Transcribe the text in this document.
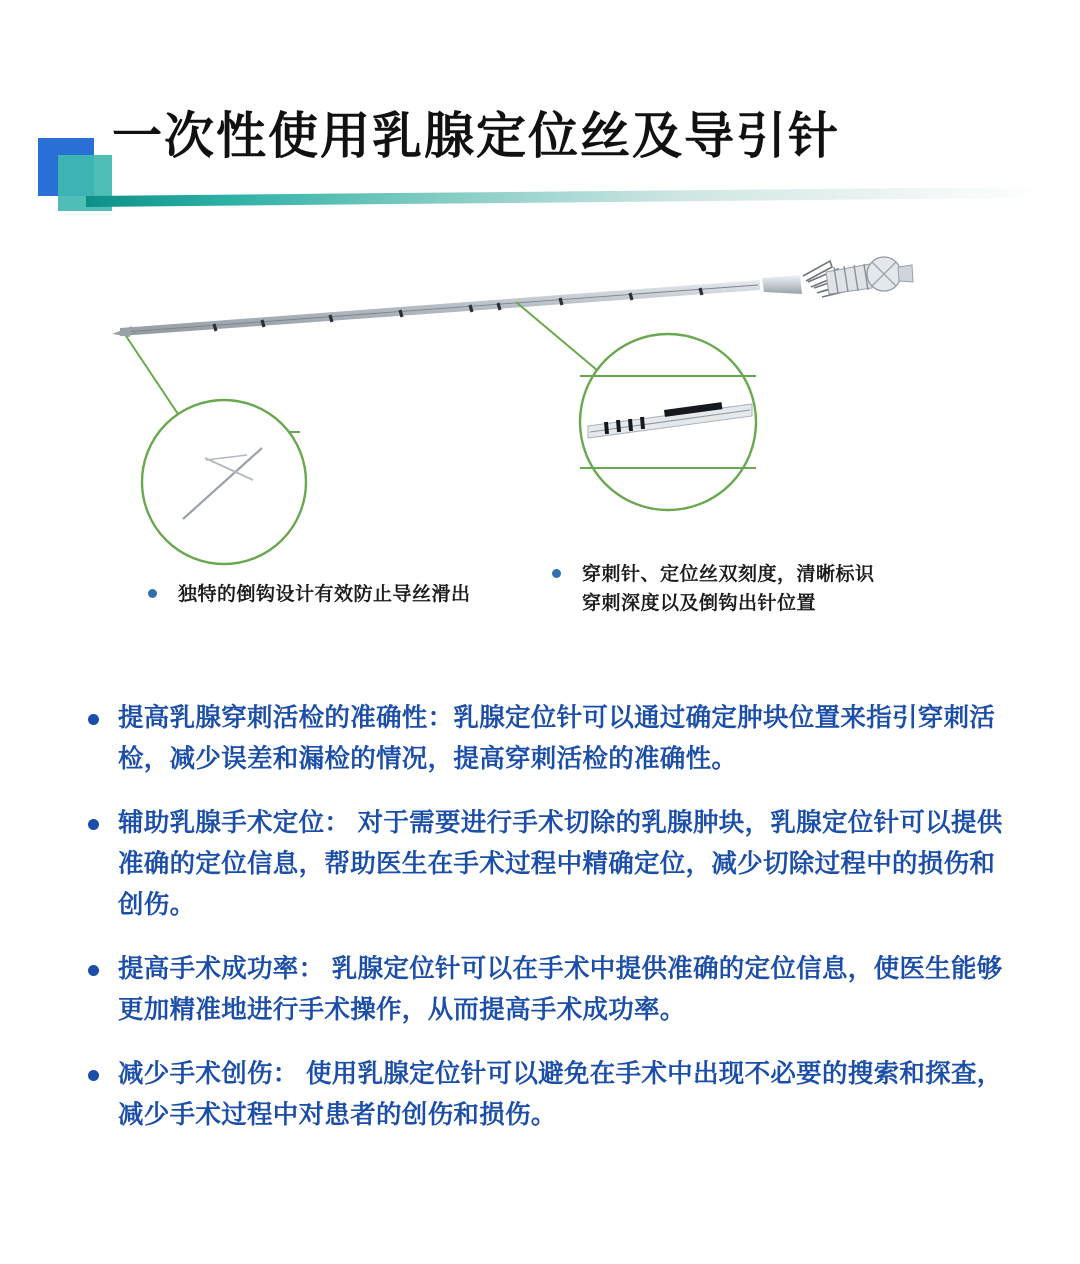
一次性使用乳腺定位丝及导引针
独特的倒钩设计有效防止导丝滑出
穿刺针、定位丝双刻度，清晰标识穿刺深度以及倒钩出针位置
提高乳腺穿刺活检的准确性：乳腺定位针可以通过确定肿块位置来指引穿刺活检，减少误差和漏检的情况，提高穿刺活检的准确性。
辅助乳腺手术定位： 对于需要进行手术切除的乳腺肿块，乳腺定位针可以提供准确的定位信息，帮助医生在手术过程中精确定位，减少切除过程中的损伤和创伤。
提高手术成功率： 乳腺定位针可以在手术中提供准确的定位信息，使医生能够更加精准地进行手术操作，从而提高手术成功率。
减少手术创伤： 使用乳腺定位针可以避免在手术中出现不必要的搜索和探查，减少手术过程中对患者的创伤和损伤。
